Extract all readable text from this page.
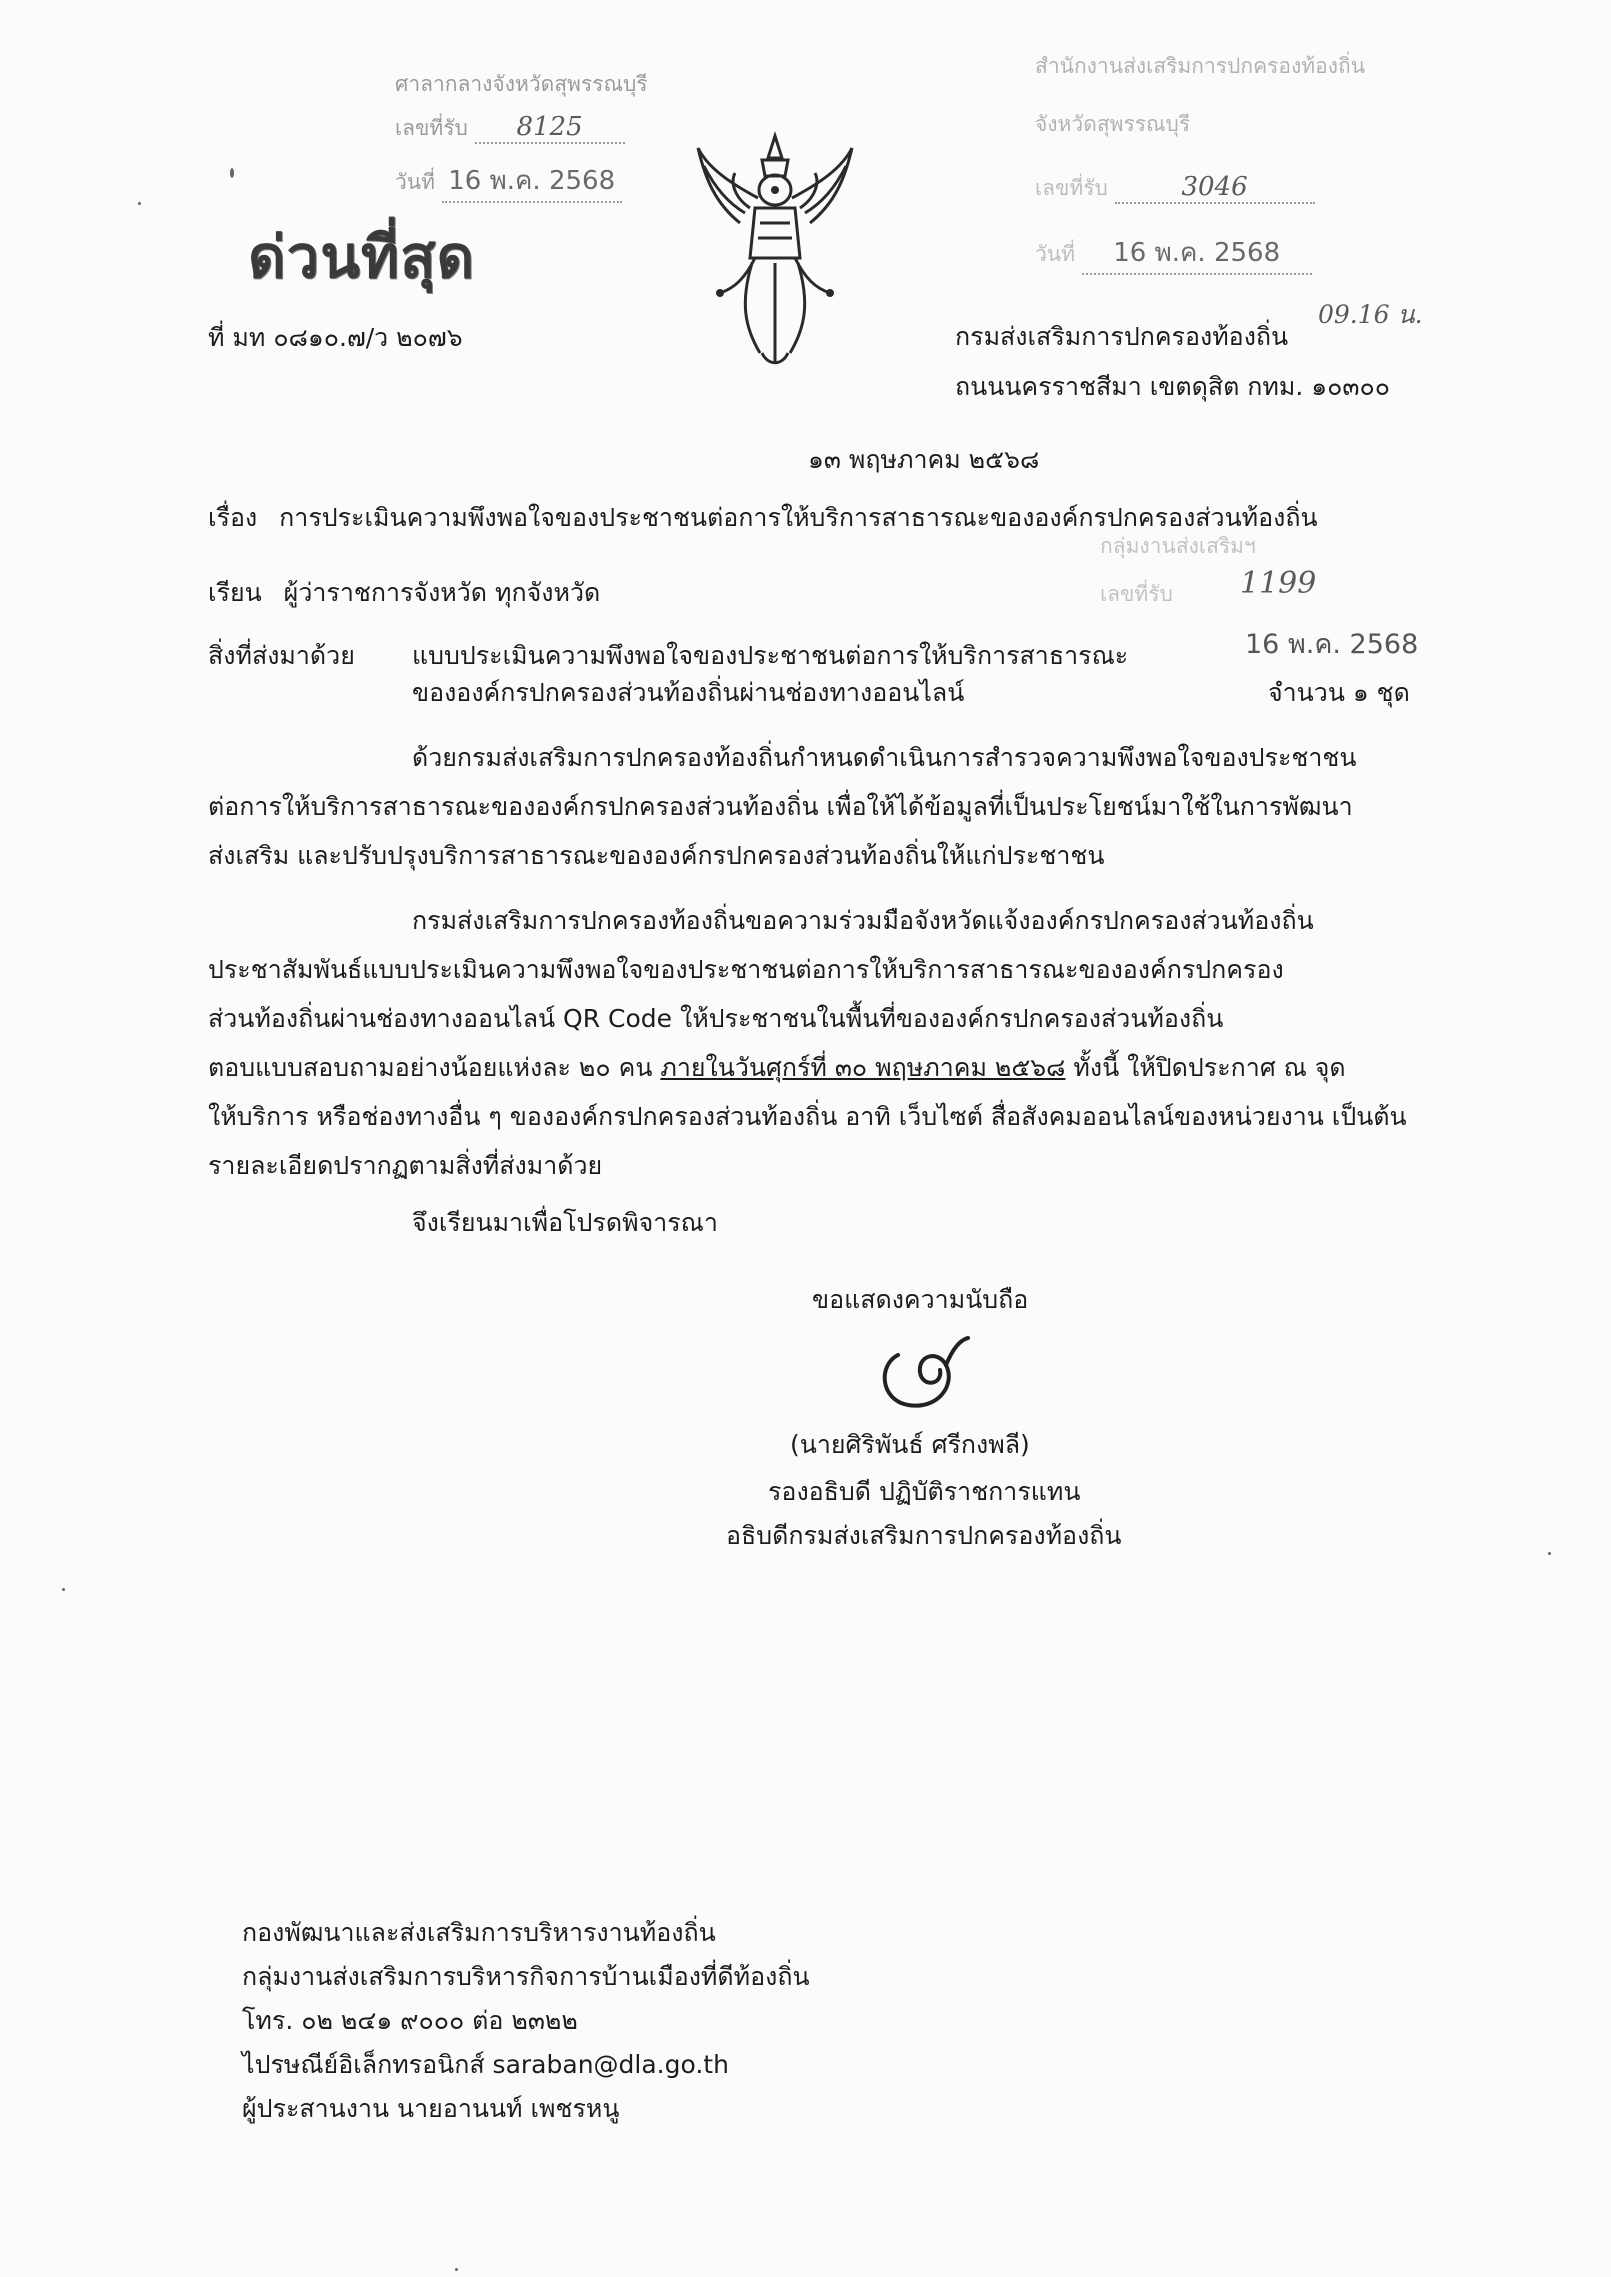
ศาลากลางจังหวัดสุพรรณบุรี
เลขที่รับ 8125
วันที่ 16 พ.ค. 2568
ด่วนที่สุด
สำนักงานส่งเสริมการปกครองท้องถิ่น
จังหวัดสุพรรณบุรี
เลขที่รับ	3046
วันที่ 16 พ.ค. 2568
09.16 น.
ที่ มท ๐๘๑๐.๗/ว ๒๐๗๖	กรมส่งเสริมการปกครองท้องถิ่น
ถนนนครราชสีมา เขตดุสิต กทม. ๑๐๓๐๐
๑๓ พฤษภาคม ๒๕๖๘
เรื่อง การประเมินความพึงพอใจของประชาชนต่อการให้บริการสาธารณะขององค์กรปกครองส่วนท้องถิ่น
กลุ่มงานส่งเสริมฯ
เลขที่รับ 1199
16 พ.ค. 2568
เรียน ผู้ว่าราชการจังหวัด ทุกจังหวัด
สิ่งที่ส่งมาด้วย แบบประเมินความพึงพอใจของประชาชนต่อการให้บริการสาธารณะ
ขององค์กรปกครองส่วนท้องถิ่นผ่านช่องทางออนไลน์	จำนวน ๑ ชุด
ด้วยกรมส่งเสริมการปกครองท้องถิ่นกำหนดดำเนินการสำรวจความพึงพอใจของประชาชน
ต่อการให้บริการสาธารณะขององค์กรปกครองส่วนท้องถิ่น เพื่อให้ได้ข้อมูลที่เป็นประโยชน์มาใช้ในการพัฒนา
ส่งเสริม และปรับปรุงบริการสาธารณะขององค์กรปกครองส่วนท้องถิ่นให้แก่ประชาชน
กรมส่งเสริมการปกครองท้องถิ่นขอความร่วมมือจังหวัดแจ้งองค์กรปกครองส่วนท้องถิ่น
ประชาสัมพันธ์แบบประเมินความพึงพอใจของประชาชนต่อการให้บริการสาธารณะขององค์กรปกครอง
ส่วนท้องถิ่นผ่านช่องทางออนไลน์ QR Code ให้ประชาชนในพื้นที่ขององค์กรปกครองส่วนท้องถิ่น
ตอบแบบสอบถามอย่างน้อยแห่งละ ๒๐ คน ภายในวันศุกร์ที่ ๓๐ พฤษภาคม ๒๕๖๘ ทั้งนี้ ให้ปิดประกาศ ณ จุด
ให้บริการ หรือช่องทางอื่น ๆ ขององค์กรปกครองส่วนท้องถิ่น อาทิ เว็บไซต์ สื่อสังคมออนไลน์ของหน่วยงาน เป็นต้น
รายละเอียดปรากฏตามสิ่งที่ส่งมาด้วย
จึงเรียนมาเพื่อโปรดพิจารณา
ขอแสดงความนับถือ
(นายศิริพันธ์ ศรีกงพลี)
รองอธิบดี ปฏิบัติราชการแทน
อธิบดีกรมส่งเสริมการปกครองท้องถิ่น
กองพัฒนาและส่งเสริมการบริหารงานท้องถิ่น
กลุ่มงานส่งเสริมการบริหารกิจการบ้านเมืองที่ดีท้องถิ่น
โทร. ๐๒ ๒๔๑ ๙๐๐๐ ต่อ ๒๓๒๒
ไปรษณีย์อิเล็กทรอนิกส์ saraban@dla.go.th
ผู้ประสานงาน นายอานนท์ เพชรหนู
